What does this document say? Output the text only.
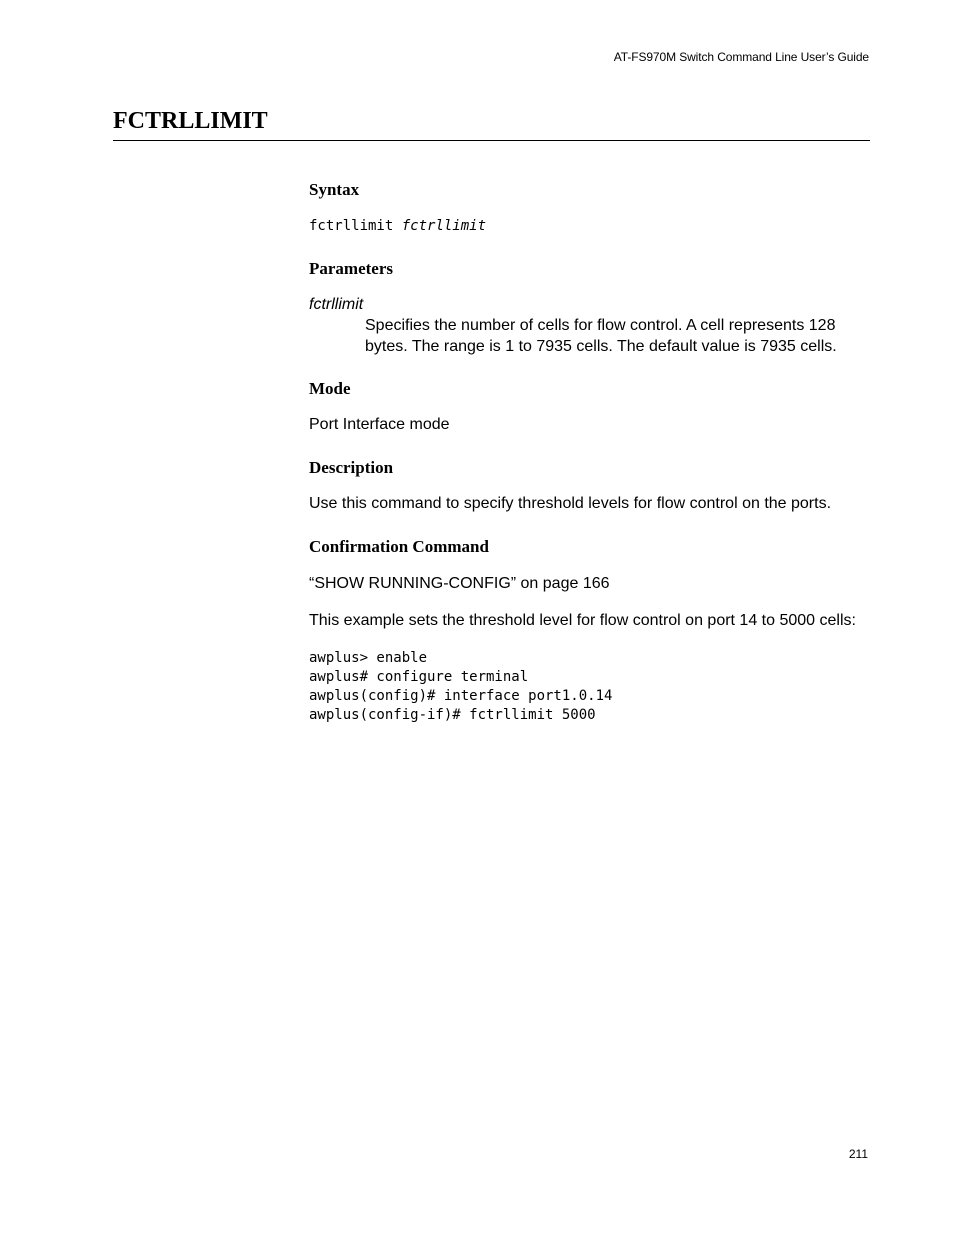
AT-FS970M Switch Command Line User’s Guide
FCTRLLIMIT
Syntax

fctrllimit fctrllimit

Parameters

fctrllimit

Specifies the number of cells for flow control. A cell represents 128 bytes. The range is 1 to 7935 cells. The default value is 7935 cells.

Mode

Port Interface mode

Description

Use this command to specify threshold levels for flow control on the ports.

Confirmation Command

“SHOW RUNNING-CONFIG” on page 166

This example sets the threshold level for flow control on port 14 to 5000 cells:

awplus> enable

awplus# configure terminal

awplus(config)# interface port1.0.14

awplus(config-if)# fctrllimit 5000

211
